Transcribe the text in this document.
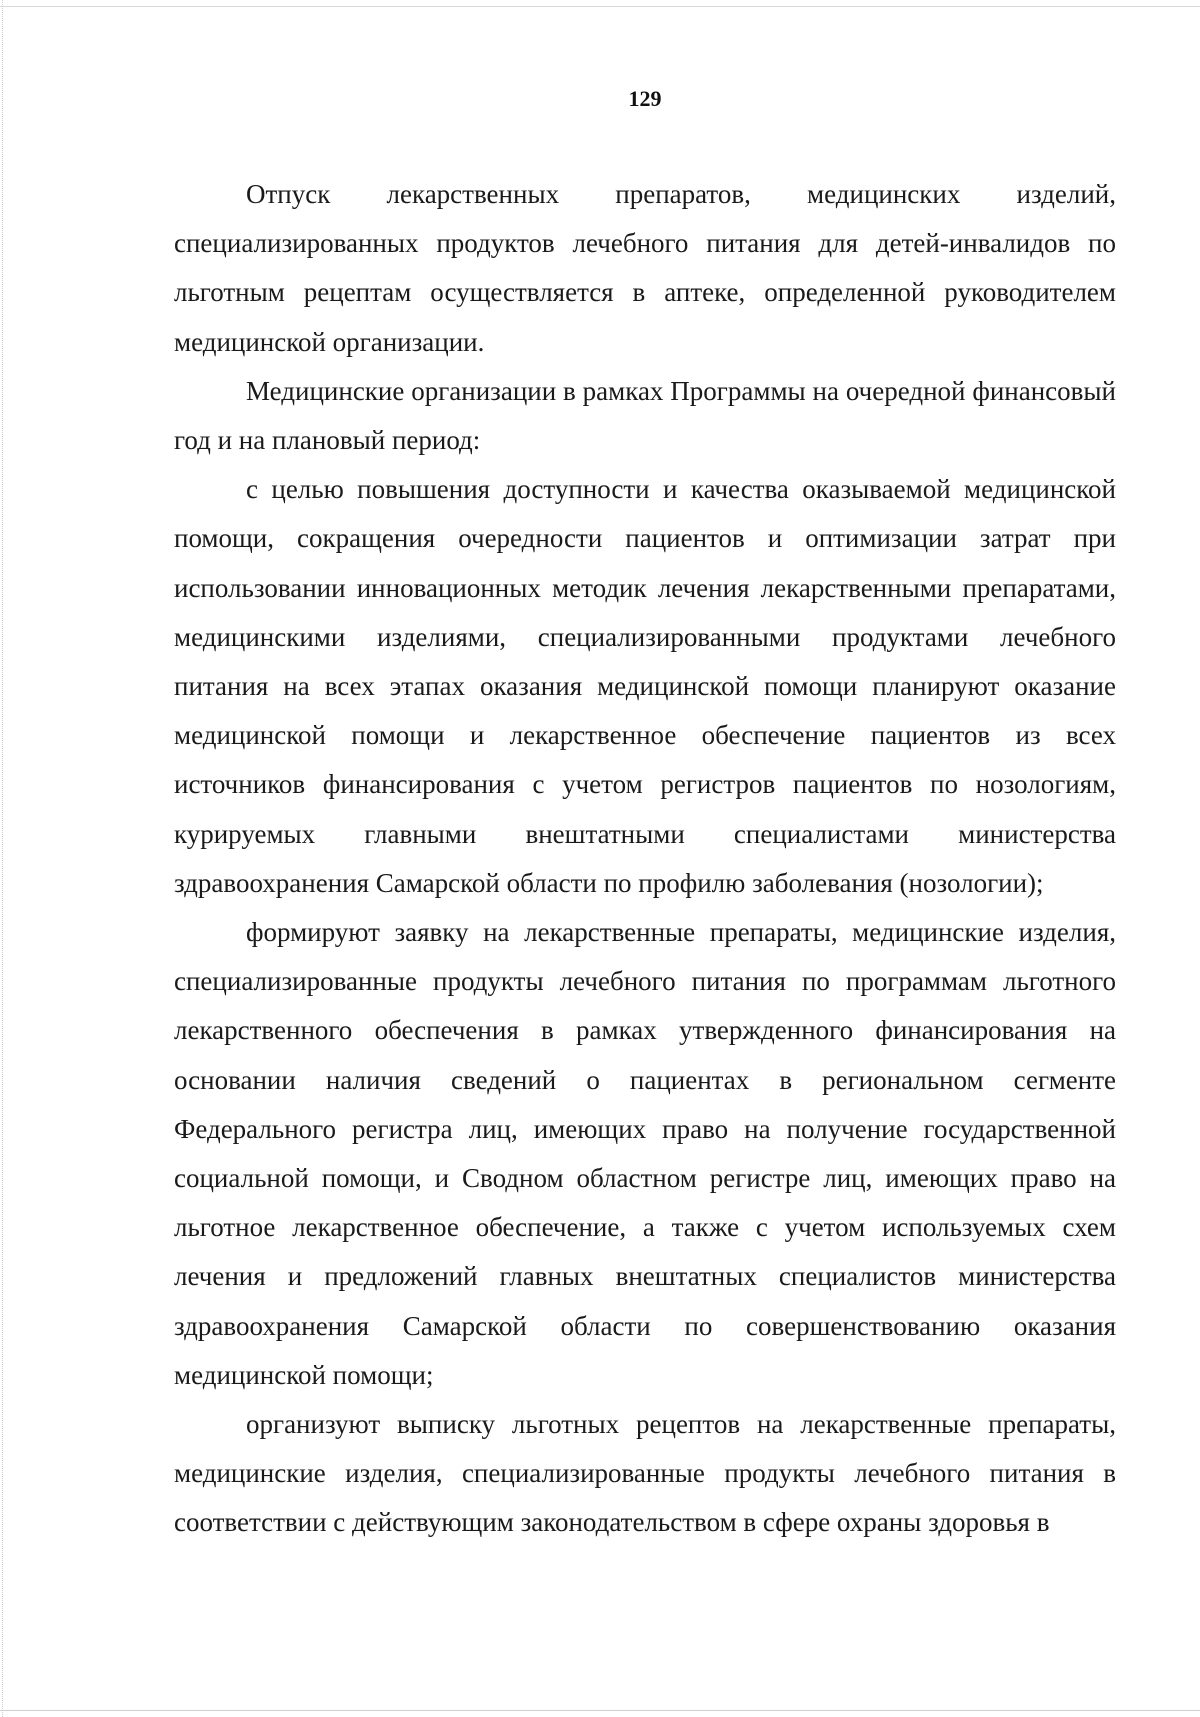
129

Отпуск лекарственных препаратов, медицинских изделий, специализированных продуктов лечебного питания для детей-инвалидов по льготным рецептам осуществляется в аптеке, определенной руководителем медицинской организации.

Медицинские организации в рамках Программы на очередной финансовый год и на плановый период:

с целью повышения доступности и качества оказываемой медицинской помощи, сокращения очередности пациентов и оптимизации затрат при использовании инновационных методик лечения лекарственными препаратами, медицинскими изделиями, специализированными продуктами лечебного питания на всех этапах оказания медицинской помощи планируют оказание медицинской помощи и лекарственное обеспечение пациентов из всех источников финансирования с учетом регистров пациентов по нозологиям, курируемых главными внештатными специалистами министерства здравоохранения Самарской области по профилю заболевания (нозологии);

формируют заявку на лекарственные препараты, медицинские изделия, специализированные продукты лечебного питания по программам льготного лекарственного обеспечения в рамках утвержденного финансирования на основании наличия сведений о пациентах в региональном сегменте Федерального регистра лиц, имеющих право на получение государственной социальной помощи, и Сводном областном регистре лиц, имеющих право на льготное лекарственное обеспечение, а также с учетом используемых схем лечения и предложений главных внештатных специалистов министерства здравоохранения Самарской области по совершенствованию оказания медицинской помощи;

организуют выписку льготных рецептов на лекарственные препараты, медицинские изделия, специализированные продукты лечебного питания в соответствии с действующим законодательством в сфере охраны здоровья в
